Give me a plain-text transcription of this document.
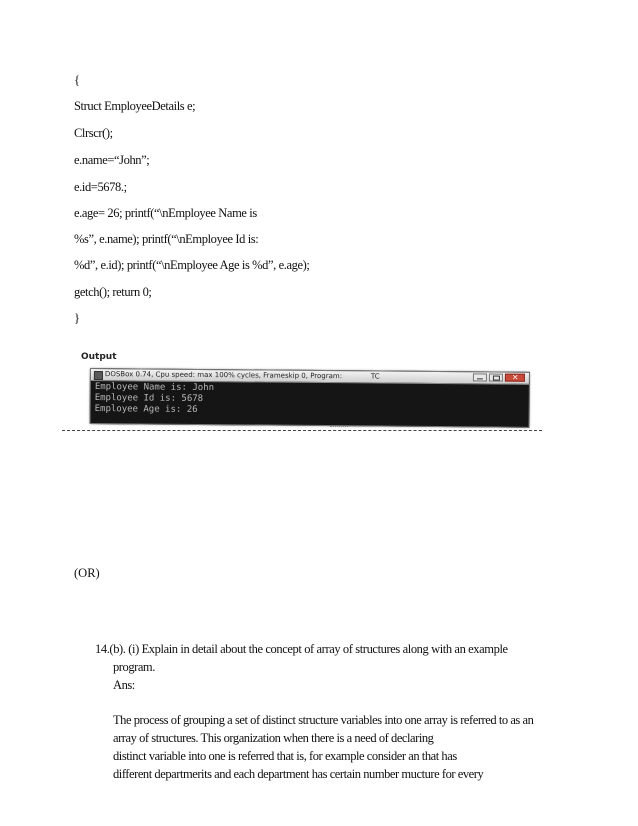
{
Struct EmployeeDetails e;
Clrscr();
e.name=“John”;
e.id=5678.;
e.age= 26; printf(“\nEmployee Name is
%s”, e.name); printf(“\nEmployee Id is:
%d”, e.id); printf(“\nEmployee Age is %d”, e.age);
getch(); return 0;
}
Output
DOSBox 0.74, Cpu speed: max 100% cycles, Frameskip 0, Program:	TC
×
Employee Name is: John
Employee Id is: 5678
Employee Age is: 26
(OR)
14.(b). (i) Explain in detail about the concept of array of structures along with an example
program.
Ans:
The process of grouping a set of distinct structure variables into one array is referred to as an
array of structures. This organization when there is a need of declaring
distinct variable into one is referred that is, for example consider an that has
different departmerits and each department has certain number mucture for every
